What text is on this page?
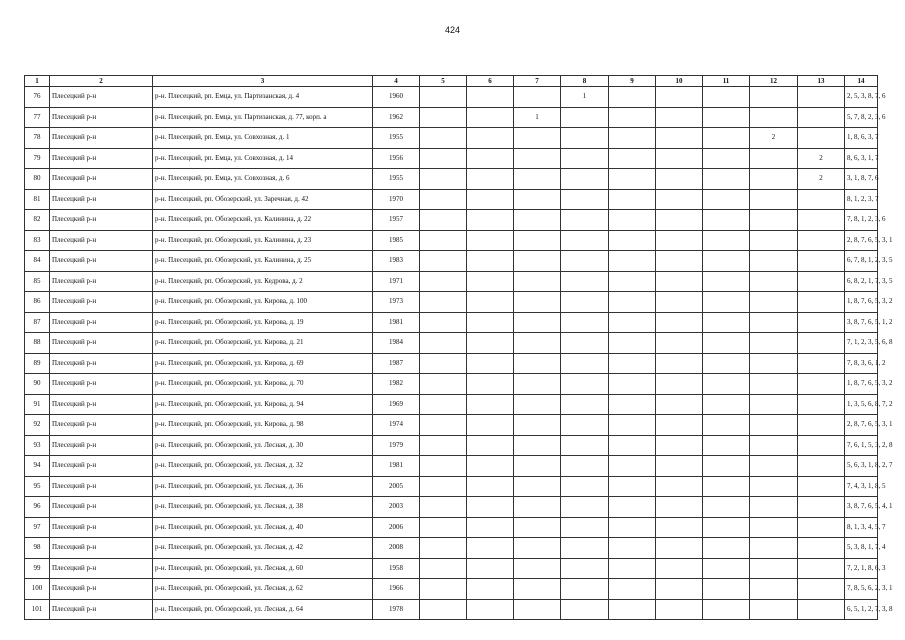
424
1	2	3	4	5	6	7	8	9	10	11	12	13	14
76	Плесецкий р-н	р-н. Плесецкий, рп. Емца, ул. Партизанская, д. 4	1960				1						2, 5, 3, 8, 7, 6
77	Плесецкий р-н	р-н. Плесецкий, рп. Емца, ул. Партизанская, д. 77, корп. а	1962			1							5, 7, 8, 2, 3, 6
78	Плесецкий р-н	р-н. Плесецкий, рп. Емца, ул. Совхозная, д. 1	1955								2		1, 8, 6, 3, 7
79	Плесецкий р-н	р-н. Плесецкий, рп. Емца, ул. Совхозная, д. 14	1956									2	8, 6, 3, 1, 7
80	Плесецкий р-н	р-н. Плесецкий, рп. Емца, ул. Совхозная, д. 6	1955									2	3, 1, 8, 7, 6
81	Плесецкий р-н	р-н. Плесецкий, рп. Обозерский, ул. Заречная, д. 42	1970										8, 1, 2, 3, 7
82	Плесецкий р-н	р-н. Плесецкий, рп. Обозерский, ул. Калинина, д. 22	1957										7, 8, 1, 2, 3, 6
83	Плесецкий р-н	р-н. Плесецкий, рп. Обозерский, ул. Калинина, д. 23	1985										2, 8, 7, 6, 5, 3, 1
84	Плесецкий р-н	р-н. Плесецкий, рп. Обозерский, ул. Калинина, д. 25	1983										6, 7, 8, 1, 2, 3, 5
85	Плесецкий р-н	р-н. Плесецкий, рп. Обозерский, ул. Кедрова, д. 2	1971										6, 8, 2, 1, 7, 3, 5
86	Плесецкий р-н	р-н. Плесецкий, рп. Обозерский, ул. Кирова, д. 100	1973										1, 8, 7, 6, 5, 3, 2
87	Плесецкий р-н	р-н. Плесецкий, рп. Обозерский, ул. Кирова, д. 19	1981										3, 8, 7, 6, 5, 1, 2
88	Плесецкий р-н	р-н. Плесецкий, рп. Обозерский, ул. Кирова, д. 21	1984										7, 1, 2, 3, 5, 6, 8
89	Плесецкий р-н	р-н. Плесецкий, рп. Обозерский, ул. Кирова, д. 69	1987										7, 8, 3, 6, 1, 2
90	Плесецкий р-н	р-н. Плесецкий, рп. Обозерский, ул. Кирова, д. 70	1982										1, 8, 7, 6, 5, 3, 2
91	Плесецкий р-н	р-н. Плесецкий, рп. Обозерский, ул. Кирова, д. 94	1969										1, 3, 5, 6, 8, 7, 2
92	Плесецкий р-н	р-н. Плесецкий, рп. Обозерский, ул. Кирова, д. 98	1974										2, 8, 7, 6, 5, 3, 1
93	Плесецкий р-н	р-н. Плесецкий, рп. Обозерский, ул. Лесная, д. 30	1979										7, 6, 1, 5, 3, 2, 8
94	Плесецкий р-н	р-н. Плесецкий, рп. Обозерский, ул. Лесная, д. 32	1981										5, 6, 3, 1, 8, 2, 7
95	Плесецкий р-н	р-н. Плесецкий, рп. Обозерский, ул. Лесная, д. 36	2005										7, 4, 3, 1, 8, 5
96	Плесецкий р-н	р-н. Плесецкий, рп. Обозерский, ул. Лесная, д. 38	2003										3, 8, 7, 6, 5, 4, 1
97	Плесецкий р-н	р-н. Плесецкий, рп. Обозерский, ул. Лесная, д. 40	2006										8, 1, 3, 4, 5, 7
98	Плесецкий р-н	р-н. Плесецкий, рп. Обозерский, ул. Лесная, д. 42	2008										5, 3, 8, 1, 7, 4
99	Плесецкий р-н	р-н. Плесецкий, рп. Обозерский, ул. Лесная, д. 60	1958										7, 2, 1, 8, 6, 3
100	Плесецкий р-н	р-н. Плесецкий, рп. Обозерский, ул. Лесная, д. 62	1966										7, 8, 5, 6, 2, 3, 1
101	Плесецкий р-н	р-н. Плесецкий, рп. Обозерский, ул. Лесная, д. 64	1978										6, 5, 1, 2, 7, 3, 8
